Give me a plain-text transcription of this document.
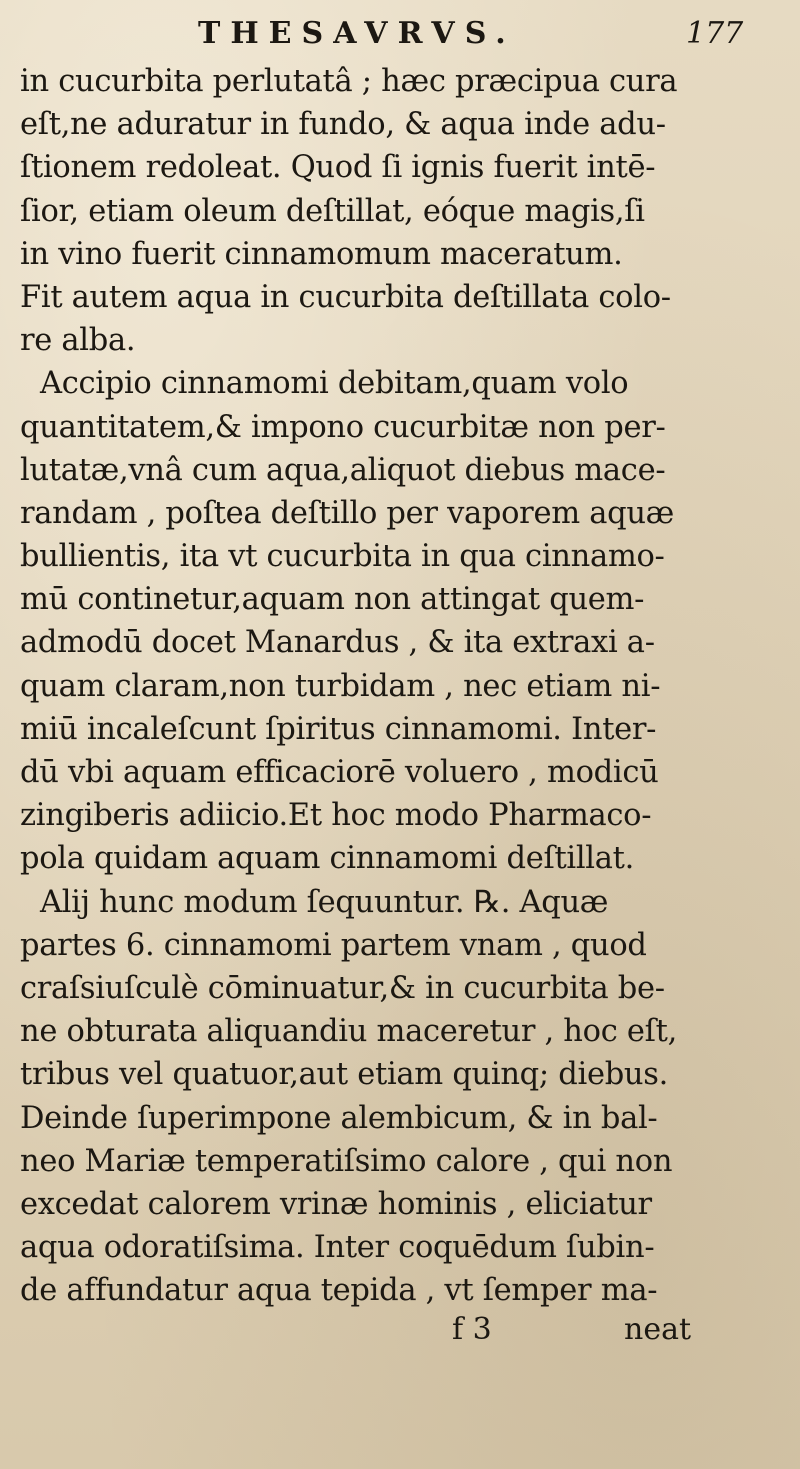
THESAVRVS.	177
in cucurbita perlutatâ ; hæc præcipua cura
eſt,ne aduratur in fundo, & aqua inde adu-
ſtionem redoleat. Quod ſi ignis fuerit intē-
ſior, etiam oleum deſtillat, eóque magis,ſi
in vino fuerit cinnamomum maceratum.
Fit autem aqua in cucurbita deſtillata colo-
re alba.
Accipio cinnamomi debitam,quam volo
quantitatem,& impono cucurbitæ non per-
lutatæ,vnâ cum aqua,aliquot diebus mace-
randam , poſtea deſtillo per vaporem aquæ
bullientis, ita vt cucurbita in qua cinnamo-
mū continetur,aquam non attingat quem-
admodū docet Manardus , & ita extraxi a-
quam claram,non turbidam , nec etiam ni-
miū incaleſcunt ſpiritus cinnamomi. Inter-
dū vbi aquam efficaciorē voluero , modicū
zingiberis adiicio.Et hoc modo Pharmaco-
pola quidam aquam cinnamomi deſtillat.
Alij hunc modum ſequuntur. ℞. Aquæ
partes 6. cinnamomi partem vnam , quod
craſsiuſculè cōminuatur,& in cucurbita be-
ne obturata aliquandiu maceretur , hoc eſt,
tribus vel quatuor,aut etiam quinq; diebus.
Deinde ſuperimpone alembicum, & in bal-
neo Mariæ temperatiſsimo calore , qui non
excedat calorem vrinæ hominis , eliciatur
aqua odoratiſsima. Inter coquēdum ſubin-
de affundatur aqua tepida , vt ſemper ma-
f 3	neat
